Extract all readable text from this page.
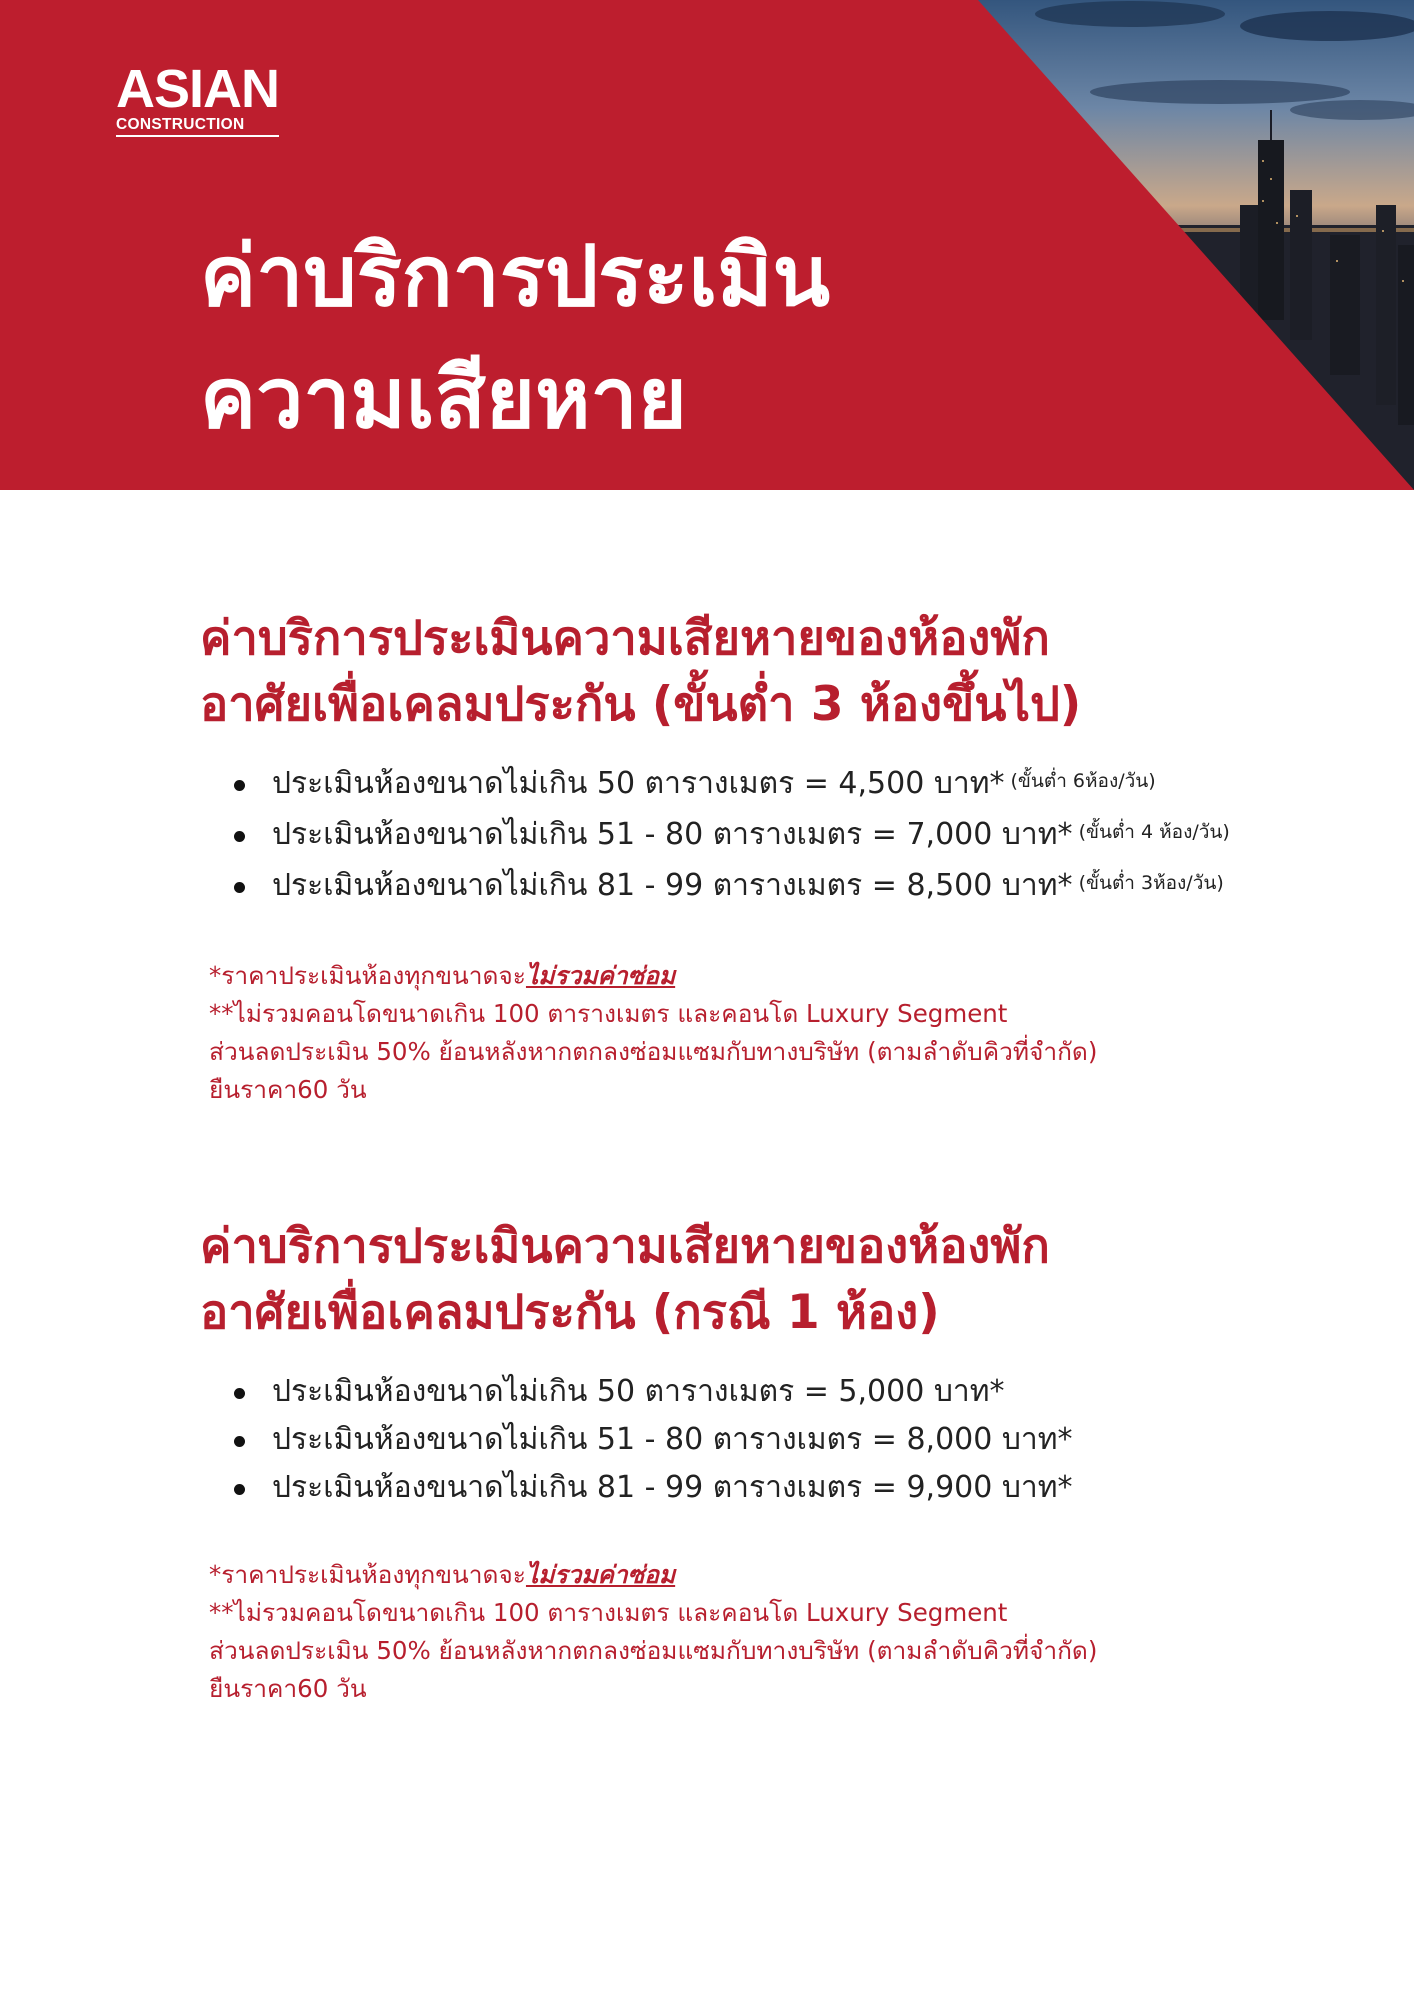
ASIAN
CONSTRUCTION
ค่าบริการประเมิน
ความเสียหาย
ค่าบริการประเมินความเสียหายของห้องพัก
อาศัยเพื่อเคลมประกัน (ขั้นต่ำ 3 ห้องขึ้นไป)
ประเมินห้องขนาดไม่เกิน 50 ตารางเมตร = 4,500 บาท* $^{(ขั้นต่ำ 6ห้อง/วัน)}$
ประเมินห้องขนาดไม่เกิน 51 - 80 ตารางเมตร = 7,000 บาท* $^{(ขั้นต่ำ 4 ห้อง/วัน)}$
ประเมินห้องขนาดไม่เกิน 81 - 99 ตารางเมตร = 8,500 บาท* $^{(ขั้นต่ำ 3ห้อง/วัน)}$
*ราคาประเมินห้องทุกขนาดจะไม่รวมค่าซ่อม
**ไม่รวมคอนโดขนาดเกิน 100 ตารางเมตร และคอนโด Luxury Segment
ส่วนลดประเมิน 50% ย้อนหลังหากตกลงซ่อมแซมกับทางบริษัท (ตามลำดับคิวที่จำกัด)
ยืนราคา60 วัน
ค่าบริการประเมินความเสียหายของห้องพัก
อาศัยเพื่อเคลมประกัน (กรณี 1 ห้อง)
ประเมินห้องขนาดไม่เกิน 50 ตารางเมตร = 5,000 บาท*
ประเมินห้องขนาดไม่เกิน 51 - 80 ตารางเมตร = 8,000 บาท*
ประเมินห้องขนาดไม่เกิน 81 - 99 ตารางเมตร = 9,900 บาท*
*ราคาประเมินห้องทุกขนาดจะไม่รวมค่าซ่อม
**ไม่รวมคอนโดขนาดเกิน 100 ตารางเมตร และคอนโด Luxury Segment
ส่วนลดประเมิน 50% ย้อนหลังหากตกลงซ่อมแซมกับทางบริษัท (ตามลำดับคิวที่จำกัด)
ยืนราคา60 วัน
